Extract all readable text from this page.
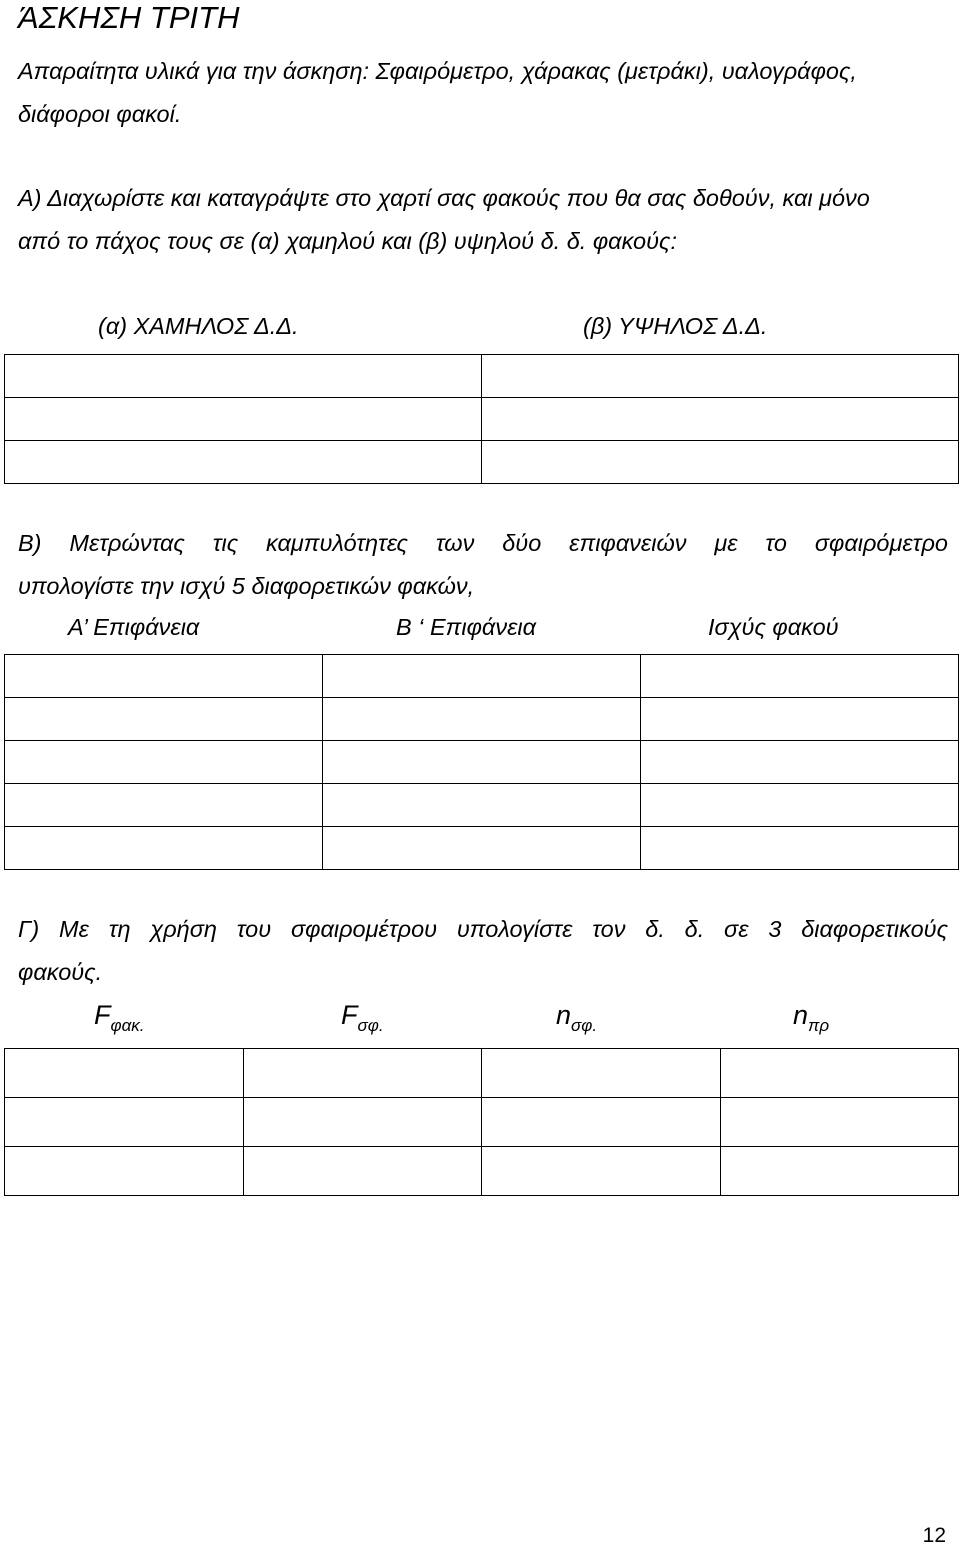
ΆΣΚΗΣΗ ΤΡΙΤΗ
Απαραίτητα υλικά για την άσκηση: Σφαιρόμετρο, χάρακας (μετράκι), υαλογράφος,
διάφοροι φακοί.
Α) Διαχωρίστε και καταγράψτε στο χαρτί σας φακούς που θα σας δοθούν, και μόνο
από το πάχος τους σε (α) χαμηλού και (β) υψηλού δ. δ. φακούς:
(α) ΧΑΜΗΛΟΣ Δ.Δ.	(β) ΥΨΗΛΟΣ Δ.Δ.

Β) Μετρώντας τις καμπυλότητες των δύο επιφανειών με το σφαιρόμετρο
υπολογίστε την ισχύ 5 διαφορετικών φακών,
Α’ Επιφάνεια	Β ‘ Επιφάνεια	Ισχύς φακού

Γ) Με τη χρήση του σφαιρομέτρου υπολογίστε τον δ. δ. σε 3 διαφορετικούς
φακούς.
Fφακ.	Fσφ.	nσφ.	nπρ

12
